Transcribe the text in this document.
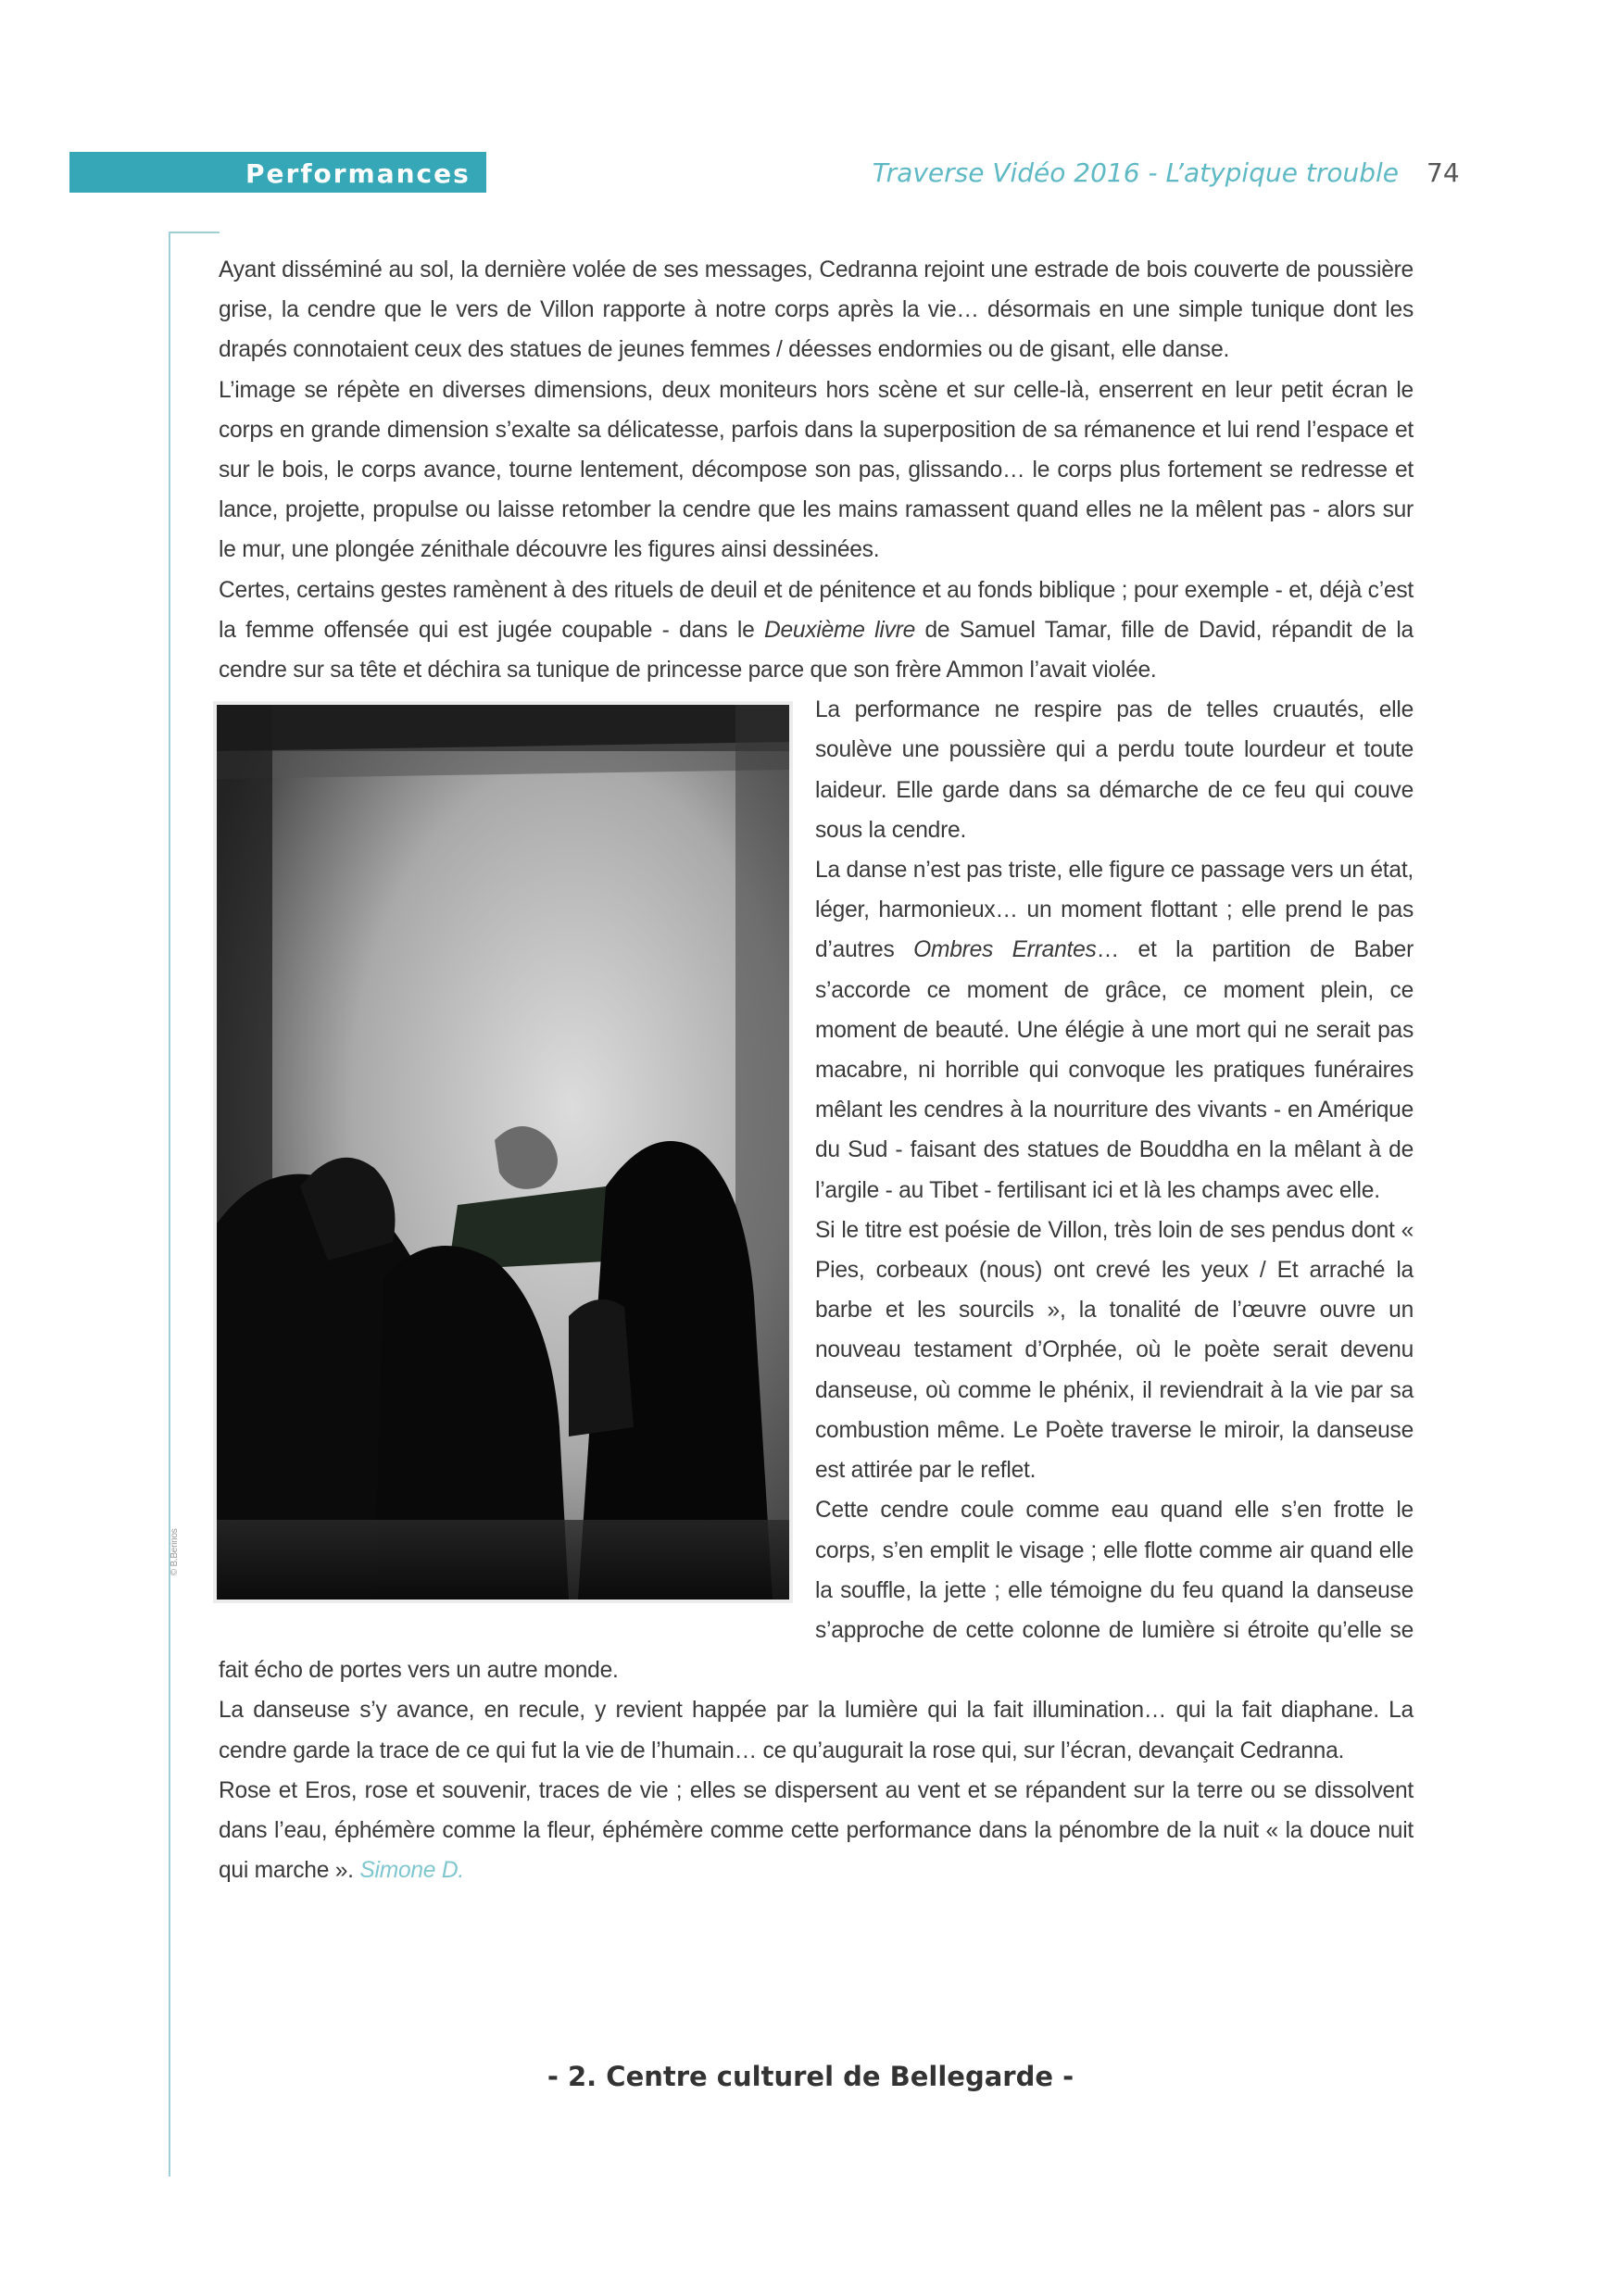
Performances	Traverse Vidéo 2016 - L’atypique trouble 74

Ayant disséminé au sol, la dernière volée de ses messages, Cedranna rejoint une estrade de bois couverte de poussière grise, la cendre que le vers de Villon rapporte à notre corps après la vie… désormais en une simple tunique dont les drapés connotaient ceux des statues de jeunes femmes / déesses endormies ou de gisant, elle danse.

L’image se répète en diverses dimensions, deux moniteurs hors scène et sur celle-là, enserrent en leur petit écran le corps en grande dimension s’exalte sa délicatesse, parfois dans la superposition de sa rémanence et lui rend l’espace et sur le bois, le corps avance, tourne lentement, décompose son pas, glissando… le corps plus fortement se redresse et lance, projette, propulse ou laisse retomber la cendre que les mains ramassent quand elles ne la mêlent pas - alors sur le mur, une plongée zénithale découvre les figures ainsi dessinées.

Certes, certains gestes ramènent à des rituels de deuil et de pénitence et au fonds biblique ; pour exemple - et, déjà c’est la femme offensée qui est jugée coupable - dans le Deuxième livre de Samuel Tamar, fille de David, répandit de la cendre sur sa tête et déchira sa tunique de princesse parce que son frère Ammon l’avait violée.

© B.Berinos

La performance ne respire pas de telles cruautés, elle soulève une poussière qui a perdu toute lourdeur et toute laideur. Elle garde dans sa démarche de ce feu qui couve sous la cendre.

La danse n’est pas triste, elle figure ce passage vers un état, léger, harmonieux… un moment flottant ; elle prend le pas d’autres Ombres Errantes… et la partition de Baber s’accorde ce moment de grâce, ce moment plein, ce moment de beauté. Une élégie à une mort qui ne serait pas macabre, ni horrible qui convoque les pratiques funéraires mêlant les cendres à la nourriture des vivants - en Amérique du Sud - faisant des statues de Bouddha en la mêlant à de l’argile - au Tibet - fertilisant ici et là les champs avec elle.

Si le titre est poésie de Villon, très loin de ses pendus dont « Pies, corbeaux (nous) ont crevé les yeux / Et arraché la barbe et les sourcils », la tonalité de l’œuvre ouvre un nouveau testament d’Orphée, où le poète serait devenu danseuse, où comme le phénix, il reviendrait à la vie par sa combustion même. Le Poète traverse le miroir, la danseuse est attirée par le reflet.

Cette cendre coule comme eau quand elle s’en frotte le corps, s’en emplit le visage ; elle flotte comme air quand elle la souffle, la jette ; elle témoigne du feu quand la danseuse s’approche de cette colonne de lumière si étroite qu’elle se fait écho de portes vers un autre monde.

La danseuse s’y avance, en recule, y revient happée par la lumière qui la fait illumination… qui la fait diaphane. La cendre garde la trace de ce qui fut la vie de l’humain… ce qu’augurait la rose qui, sur l’écran, devançait Cedranna.

Rose et Eros, rose et souvenir, traces de vie ; elles se dispersent au vent et se répandent sur la terre ou se dissolvent dans l’eau, éphémère comme la fleur, éphémère comme cette performance dans la pénombre de la nuit « la douce nuit qui marche ». Simone D.

- 2. Centre culturel de Bellegarde -
